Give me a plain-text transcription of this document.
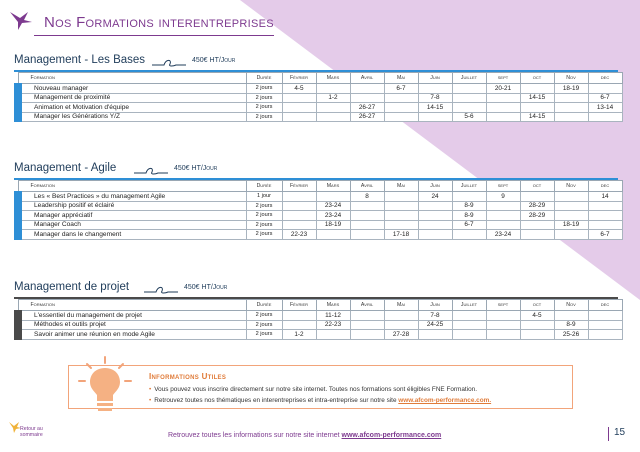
Nos Formations interentreprises
Management - Les Bases	450€ HT/Jour
Formation	Durée	Février	Mars	Avril	Mai	Juin	Juillet	sept	oct	Nov	dec
Nouveau manager	2 jours	4-5			6-7			20-21		18-19	
Management de proximité	2 jours		1-2			7-8			14-15		6-7
Animation et Motivation d'équipe	2 jours			26-27		14-15					13-14
Manager les Générations Y/Z	2 jours			26-27			5-6		14-15		
Management - Agile	450€ HT/Jour
Formation	Durée	Février	Mars	Avril	Mai	Juin	Juillet	sept	oct	Nov	dec
Les « Best Practices » du management Agile	1 jour			8		24		9			14
Leadership positif et éclairé	2 jours		23-24				8-9		28-29		
Manager appréciatif	2 jours		23-24				8-9		28-29		
Manager Coach	2 jours		18-19				6-7			18-19	
Manager dans le changement	2 jours	22-23			17-18			23-24			6-7
Management de projet	450€ HT/Jour
Formation	Durée	Février	Mars	Avril	Mai	Juin	Juillet	sept	oct	Nov	dec
L'essentiel du management de projet	2 jours		11-12			7-8			4-5		
Méthodes et outils projet	2 jours		22-23			24-25				8-9	
Savoir animer une réunion en mode Agile	2 jours	1-2			27-28					25-26	
Informations Utiles
• Vous pouvez vous inscrire directement sur notre site internet. Toutes nos formations sont éligibles FNE Formation.
• Retrouvez toutes nos thématiques en interentreprises et intra-entreprise sur notre site www.afcom-performance.com.
Retour au sommaire	Retrouvez toutes les informations sur notre site internet www.afcom-performance.com	15
